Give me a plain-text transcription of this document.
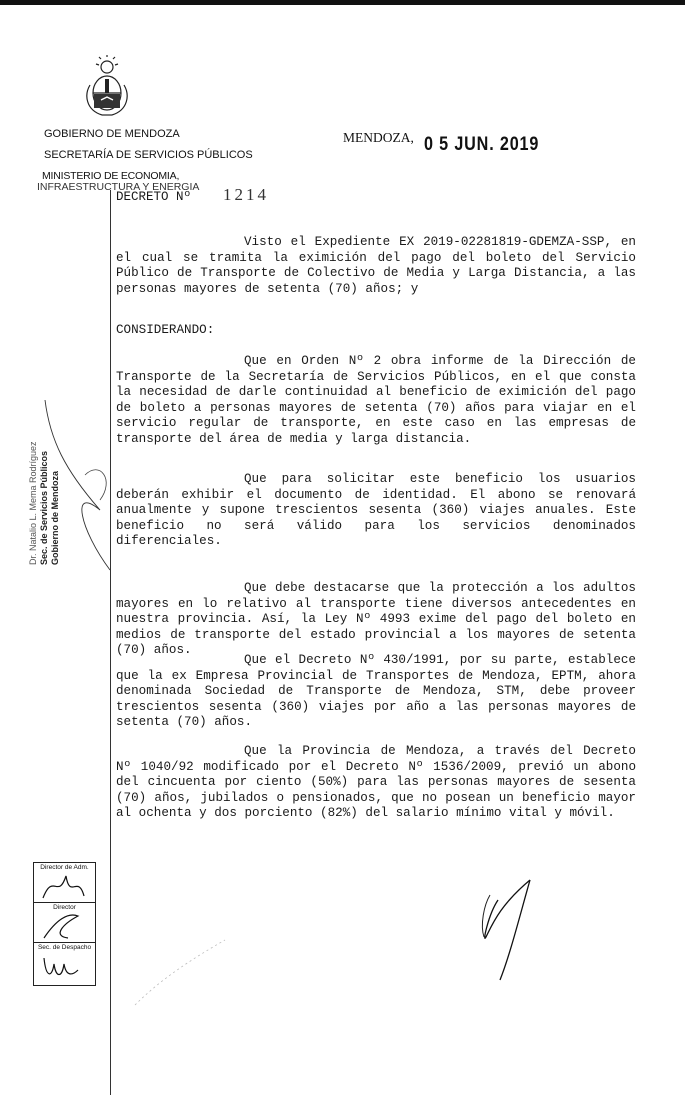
GOBIERNO DE MENDOZA
SECRETARÍA DE SERVICIOS PÚBLICOS
MINISTERIO DE ECONOMIA,
INFRAESTRUCTURA Y ENERGIA
MENDOZA, 0 5 JUN. 2019
DECRETO Nº 1214

Visto el Expediente EX 2019-02281819-GDEMZA-SSP, en el cual se tramita la eximición del pago del boleto del Servicio Público de Transporte de Colectivo de Media y Larga Distancia, a las personas mayores de setenta (70) años; y

CONSIDERANDO:

Que en Orden Nº 2 obra informe de la Dirección de Transporte de la Secretaría de Servicios Públicos, en el que consta la necesidad de darle continuidad al beneficio de eximición del pago de boleto a personas mayores de setenta (70) años para viajar en el servicio regular de transporte, en este caso en las empresas de transporte del área de media y larga distancia.

Que para solicitar este beneficio los usuarios deberán exhibir el documento de identidad. El abono se renovará anualmente y supone trescientos sesenta (360) viajes anuales. Este beneficio no será válido para los servicios denominados diferenciales.

Que debe destacarse que la protección a los adultos mayores en lo relativo al transporte tiene diversos antecedentes en nuestra provincia. Así, la Ley Nº 4993 exime del pago del boleto en medios de transporte del estado provincial a los mayores de setenta (70) años.

Que el Decreto Nº 430/1991, por su parte, establece que la ex Empresa Provincial de Transportes de Mendoza, EPTM, ahora denominada Sociedad de Transporte de Mendoza, STM, debe proveer trescientos sesenta (360) viajes por año a las personas mayores de setenta (70) años.

Que la Provincia de Mendoza, a través del Decreto Nº 1040/92 modificado por el Decreto Nº 1536/2009, previó un abono del cincuenta por ciento (50%) para las personas mayores de sesenta (70) años, jubilados o pensionados, que no posean un beneficio mayor al ochenta y dos porciento (82%) del salario mínimo vital y móvil.

Dr. Natalio L. Mema Rodríguez Sec. de Servicios Públicos Gobierno de Mendoza
Director de Adm.
Director
Sec. de Despacho
